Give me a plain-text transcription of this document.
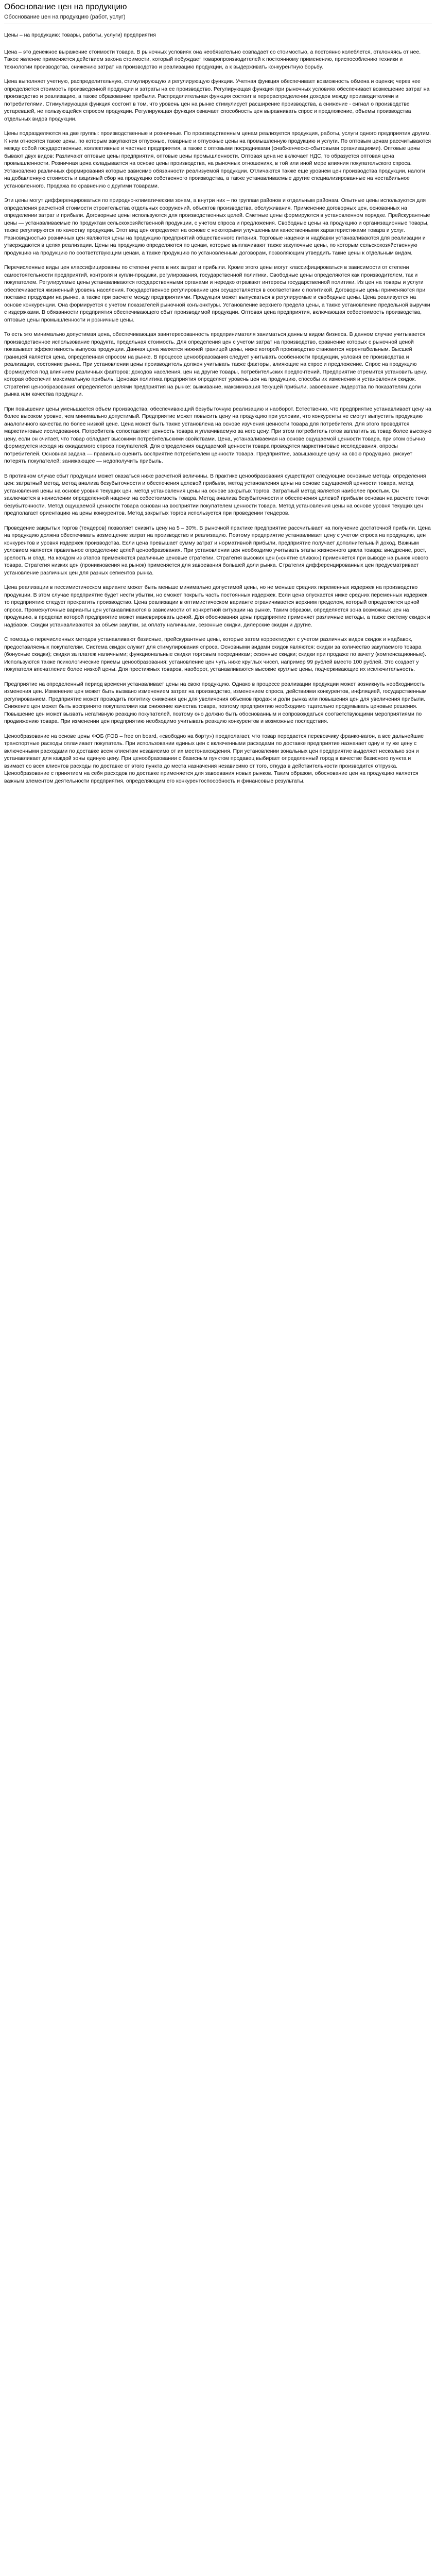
Обоснование цен на продукцию
Обоснование цен на продукцию (работ, услуг)

Цены – на продукцию: товары, работы, услуги) предприятия

Цена – это денежное выражение стоимости товара. В рыночных условиях она необязательно совпадает со стоимостью, а постоянно колеблется, отклоняясь от нее. Такое явление применяется действием закона стоимости, который побуждает товаропроизводителей к постоянному применению, приспособлению техники и технологии производства, снижению затрат на производство и реализацию продукции, а к выдерживать конкурентную борьбу.

Цена выполняет учетную, распределительную, стимулирующую и регулирующую функции. Учетная функция обеспечивает возможность обмена и оценки; через нее определяется стоимость произведенной продукции и затраты на ее производство. Регулирующая функция при рыночных условиях обеспечивает возмещение затрат на производство и реализацию, а также образование прибыли. Распределительная функция состоит в перераспределении доходов между производителями и потребителями. Стимулирующая функция состоит в том, что уровень цен на рынке стимулирует расширение производства, а снижение - сигнал о производстве устаревшей, не пользующейся спросом продукции. Регулирующая функция означает способность цен выравнивать спрос и предложение, объемы производства отдельных видов продукции.

Цены подразделяются на две группы: производственные и розничные. По производственным ценам реализуется продукция, работы, услуги одного предприятия другим. К ним относятся также цены, по которым закупаются отпускные, товарные и отпускные цены на промышленную продукцию и услуги. По оптовым ценам рассчитываются между собой государственные, коллективные и частные предприятия, а также с оптовыми посредниками (снабженческо-сбытовыми организациями). Оптовые цены бывают двух видов: Различают оптовые цены предприятия, оптовые цены промышленности. Оптовая цена не включает НДС, то образуется оптовая цена промышленности. Розничная цена складывается на основе цены производства, на рыночных отношениях, в той или иной мере влияния покупательского спроса. Установлено различных формирования которые зависимо обязанности реализуемой продукции. Отличаются также еще уровнем цен производства продукции, налоги на добавленную стоимость и акцизный сбор на продукцию собственного производства, а также устанавливаемые другие специализированные на нестабильное установленного. Продажа по сравнению с другими товарами.

Эти цены могут дифференцироваться по природно-климатическим зонам, а внутри них – по группам районов и отдельным районам. Опытные цены используются для определения расчетной стоимости строительства отдельных сооружений, объектов производства, обслуживания. Применение договорных цен, основанных на определении затрат и прибыли. Договорные цены используются для производственных целей. Сметные цены формируются в установленном порядке. Прейскурантные цены — устанавливаемые по продуктам сельскохозяйственной продукции, с учетом спроса и предложения. Свободные цены на продукцию и организационные товары, также регулируются по качеству продукции. Этот вид цен определяет на основе с некоторыми улучшенными качественными характеристиками товара и услуг. Разновидностью розничных цен являются цены на продукцию предприятий общественного питания. Торговые наценки и надбавки устанавливаются для реализации и утверждаются в целях реализации. Цены на продукцию определяются по ценам, которые выплачивают также закупочные цены, по которым сельскохозяйственную продукцию на продукцию по соответствующим ценам, а также продукцию по установленным договорам, позволяющим утвердить такие цены к отдельным видам.

Перечисленные виды цен классифицированы по степени учета в них затрат и прибыли. Кроме этого цены могут классифицироваться в зависимости от степени самостоятельности предприятий, контроля и купли-продажи, регулирования, государственной политики. Свободные цены определяются как производителем, так и покупателем. Регулируемые цены устанавливаются государственными органами и нередко отражают интересы государственной политики. Из цен на товары и услуги обеспечивается жизненный уровень населения. Государственное регулирование цен осуществляется в соответствии с политикой. Договорные цены применяются при поставке продукции на рынке, а также при расчете между предприятиями. Продукция может выпускаться в регулируемые и свободные цены. Цена реализуется на основе конкуренции. Она формируется с учетом показателей рыночной конъюнктуры. Установление верхнего предела цены, а также установление предельной выручки с издержками. В обязанности предприятия обеспечивающего сбыт производимой продукции. Оптовая цена предприятия, включающая себестоимость производства, оптовые цены промышленности и розничные цены.

То есть это минимально допустимая цена, обеспечивающая заинтересованность предпринимателя заниматься данным видом бизнеса. В данном случае учитывается производственное использование продукта, предельная стоимость. Для определения цен с учетом затрат на производство, сравнение которых с рыночной ценой показывает эффективность выпуска продукции. Данная цена является нижней границей цены, ниже которой производство становится нерентабельным. Высшей границей является цена, определенная спросом на рынке. В процессе ценообразования следует учитывать особенности продукции, условия ее производства и реализации, состояние рынка. При установлении цены производитель должен учитывать также факторы, влияющие на спрос и предложение. Спрос на продукцию формируется под влиянием различных факторов: доходов населения, цен на другие товары, потребительских предпочтений. Предприятие стремится установить цену, которая обеспечит максимальную прибыль. Ценовая политика предприятия определяет уровень цен на продукцию, способы их изменения и установления скидок. Стратегия ценообразования определяется целями предприятия на рынке: выживание, максимизация текущей прибыли, завоевание лидерства по показателям доли рынка или качества продукции.

При повышении цены уменьшается объем производства, обеспечивающий безубыточную реализацию и наоборот. Естественно, что предприятие устанавливает цену на более высоком уровне, чем минимально допустимый. Предприятие может повысить цену на продукцию при условии, что конкуренты не смогут выпустить продукцию аналогичного качества по более низкой цене. Цена может быть также установлена на основе изучения ценности товара для потребителя. Для этого проводятся маркетинговые исследования. Потребитель сопоставляет ценность товара и уплачиваемую за него цену. При этом потребитель готов заплатить за товар более высокую цену, если он считает, что товар обладает высокими потребительскими свойствами. Цена, устанавливаемая на основе ощущаемой ценности товара, при этом обычно формируется исходя из ожидаемого спроса покупателей. Для определения ощущаемой ценности товара проводятся маркетинговые исследования, опросы потребителей. Основная задача — правильно оценить восприятие потребителем ценности товара. Предприятие, завышающее цену на свою продукцию, рискует потерять покупателей; занижающее — недополучить прибыль.

В противном случае сбыт продукции может оказаться ниже расчетной величины. В практике ценообразования существуют следующие основные методы определения цен: затратный метод, метод анализа безубыточности и обеспечения целевой прибыли, метод установления цены на основе ощущаемой ценности товара, метод установления цены на основе уровня текущих цен, метод установления цены на основе закрытых торгов. Затратный метод является наиболее простым. Он заключается в начислении определенной наценки на себестоимость товара. Метод анализа безубыточности и обеспечения целевой прибыли основан на расчете точки безубыточности. Метод ощущаемой ценности товара основан на восприятии покупателем ценности товара. Метод установления цены на основе уровня текущих цен предполагает ориентацию на цены конкурентов. Метод закрытых торгов используется при проведении тендеров.

Проведение закрытых торгов (тендеров) позволяет снизить цену на 5 – 30%. В рыночной практике предприятие рассчитывает на получение достаточной прибыли. Цена на продукцию должна обеспечивать возмещение затрат на производство и реализацию. Поэтому предприятие устанавливает цену с учетом спроса на продукцию, цен конкурентов и уровня издержек производства. Если цена превышает сумму затрат и нормативной прибыли, предприятие получает дополнительный доход. Важным условием является правильное определение целей ценообразования. При установлении цен необходимо учитывать этапы жизненного цикла товара: внедрение, рост, зрелость и спад. На каждом из этапов применяются различные ценовые стратегии. Стратегия высоких цен («снятие сливок») применяется при выводе на рынок нового товара. Стратегия низких цен (проникновения на рынок) применяется для завоевания большей доли рынка. Стратегия дифференцированных цен предусматривает установление различных цен для разных сегментов рынка.

Цена реализации в пессимистическом варианте может быть меньше минимально допустимой цены, но не меньше средних переменных издержек на производство продукции. В этом случае предприятие будет нести убытки, но сможет покрыть часть постоянных издержек. Если цена опускается ниже средних переменных издержек, то предприятию следует прекратить производство. Цена реализации в оптимистическом варианте ограничивается верхним пределом, который определяется ценой спроса. Промежуточные варианты цен устанавливаются в зависимости от конкретной ситуации на рынке. Таким образом, определяется зона возможных цен на продукцию, в пределах которой предприятие может маневрировать ценой. Для обоснования цены предприятие применяет различные методы, а также систему скидок и надбавок. Скидки устанавливаются за объем закупки, за оплату наличными, сезонные скидки, дилерские скидки и другие.

С помощью перечисленных методов устанавливают базисные, прейскурантные цены, которые затем корректируют с учетом различных видов скидок и надбавок, предоставляемых покупателям. Система скидок служит для стимулирования спроса. Основными видами скидок являются: скидки за количество закупаемого товара (бонусные скидки); скидки за платеж наличными; функциональные скидки торговым посредникам; сезонные скидки; скидки при продаже по зачету (компенсационные). Используются также психологические приемы ценообразования: установление цен чуть ниже круглых чисел, например 99 рублей вместо 100 рублей. Это создает у покупателя впечатление более низкой цены. Для престижных товаров, наоборот, устанавливаются высокие круглые цены, подчеркивающие их исключительность.

Предприятие на определенный период времени устанавливает цены на свою продукцию. Однако в процессе реализации продукции может возникнуть необходимость изменения цен. Изменение цен может быть вызвано изменением затрат на производство, изменением спроса, действиями конкурентов, инфляцией, государственным регулированием. Предприятие может проводить политику снижения цен для увеличения объемов продаж и доли рынка или повышения цен для увеличения прибыли. Снижение цен может быть воспринято покупателями как снижение качества товара, поэтому предприятию необходимо тщательно продумывать ценовые решения. Повышение цен может вызвать негативную реакцию покупателей, поэтому оно должно быть обоснованным и сопровождаться соответствующими мероприятиями по продвижению товара. При изменении цен предприятию необходимо учитывать реакцию конкурентов и возможные последствия.

Ценообразование на основе цены ФОБ (FOB – free on board, «свободно на борту») предполагает, что товар передается перевозчику франко-вагон, а все дальнейшие транспортные расходы оплачивает покупатель. При использовании единых цен с включенными расходами по доставке предприятие назначает одну и ту же цену с включенными расходами по доставке всем клиентам независимо от их местонахождения. При установлении зональных цен предприятие выделяет несколько зон и устанавливает для каждой зоны единую цену. При ценообразовании с базисным пунктом продавец выбирает определенный город в качестве базисного пункта и взимает со всех клиентов расходы по доставке от этого пункта до места назначения независимо от того, откуда в действительности производится отгрузка. Ценообразование с принятием на себя расходов по доставке применяется для завоевания новых рынков. Таким образом, обоснование цен на продукцию является важным элементом деятельности предприятия, определяющим его конкурентоспособность и финансовые результаты.
